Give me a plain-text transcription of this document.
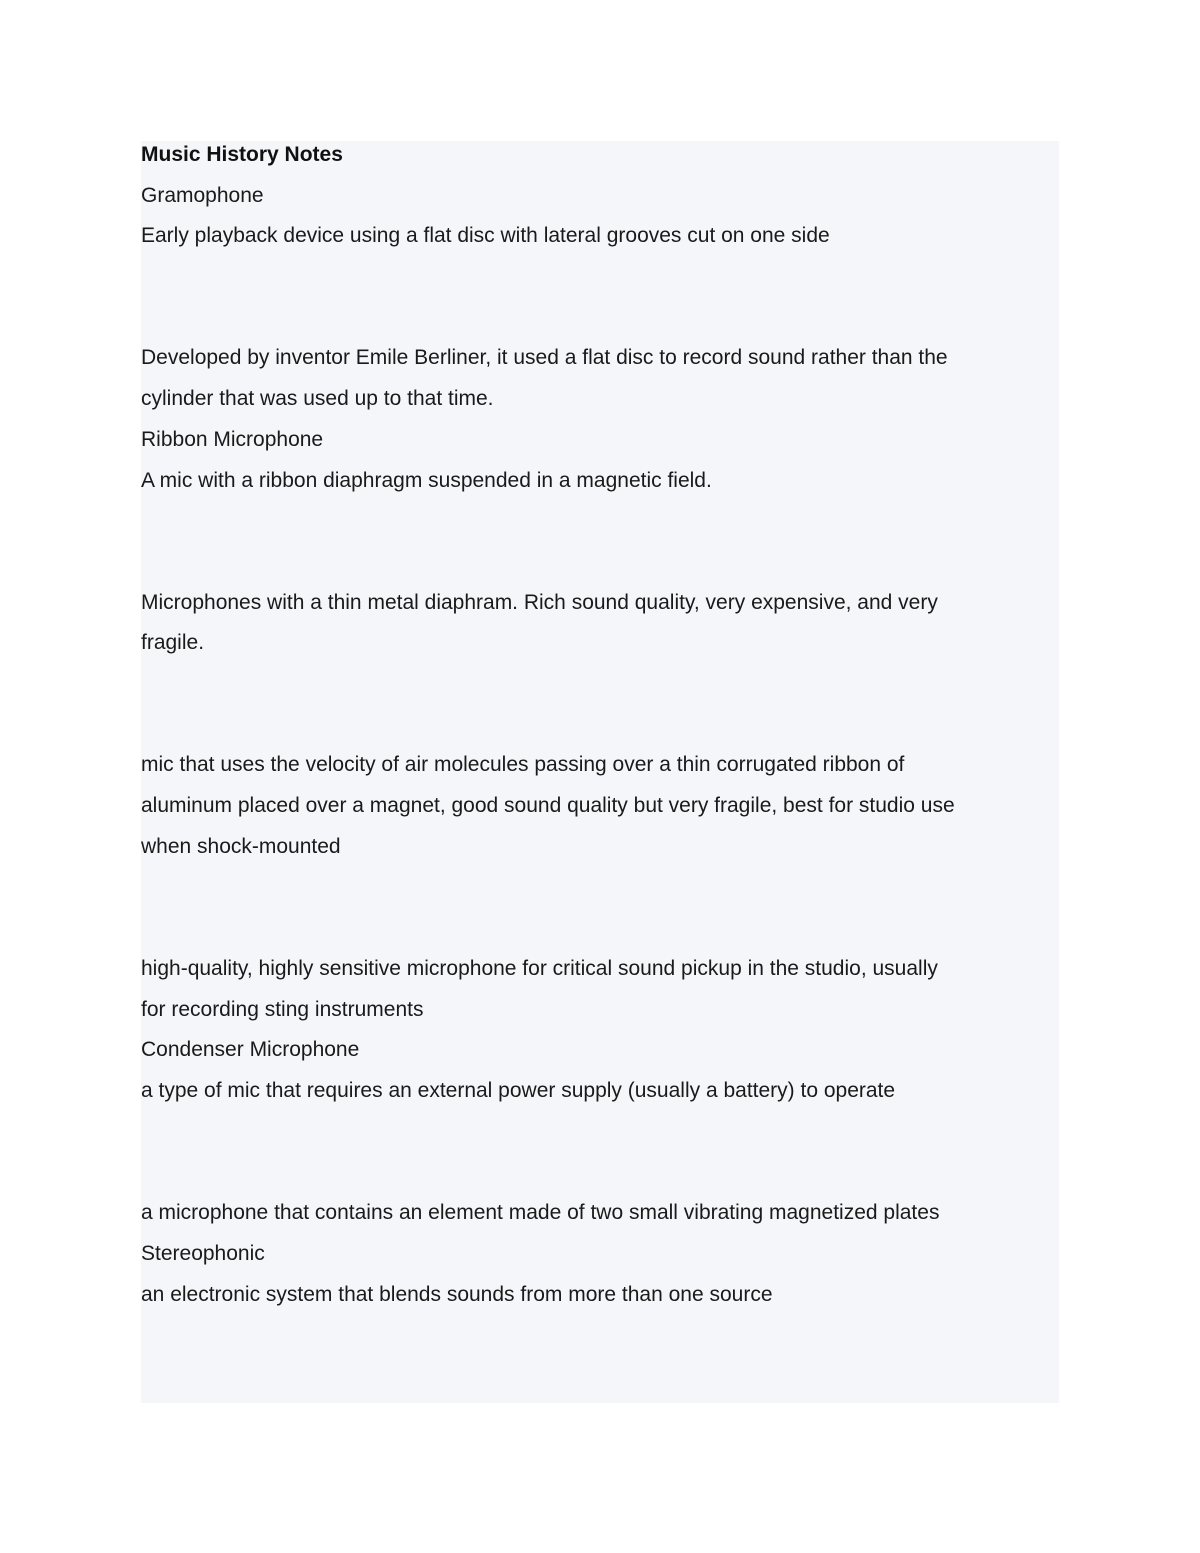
Music History Notes
Gramophone
Early playback device using a flat disc with lateral grooves cut on one side
Developed by inventor Emile Berliner, it used a flat disc to record sound rather than the
cylinder that was used up to that time.
Ribbon Microphone
A mic with a ribbon diaphragm suspended in a magnetic field.
Microphones with a thin metal diaphram. Rich sound quality, very expensive, and very
fragile.
mic that uses the velocity of air molecules passing over a thin corrugated ribbon of
aluminum placed over a magnet, good sound quality but very fragile, best for studio use
when shock-mounted
high-quality, highly sensitive microphone for critical sound pickup in the studio, usually
for recording sting instruments
Condenser Microphone
a type of mic that requires an external power supply (usually a battery) to operate
a microphone that contains an element made of two small vibrating magnetized plates
Stereophonic
an electronic system that blends sounds from more than one source
